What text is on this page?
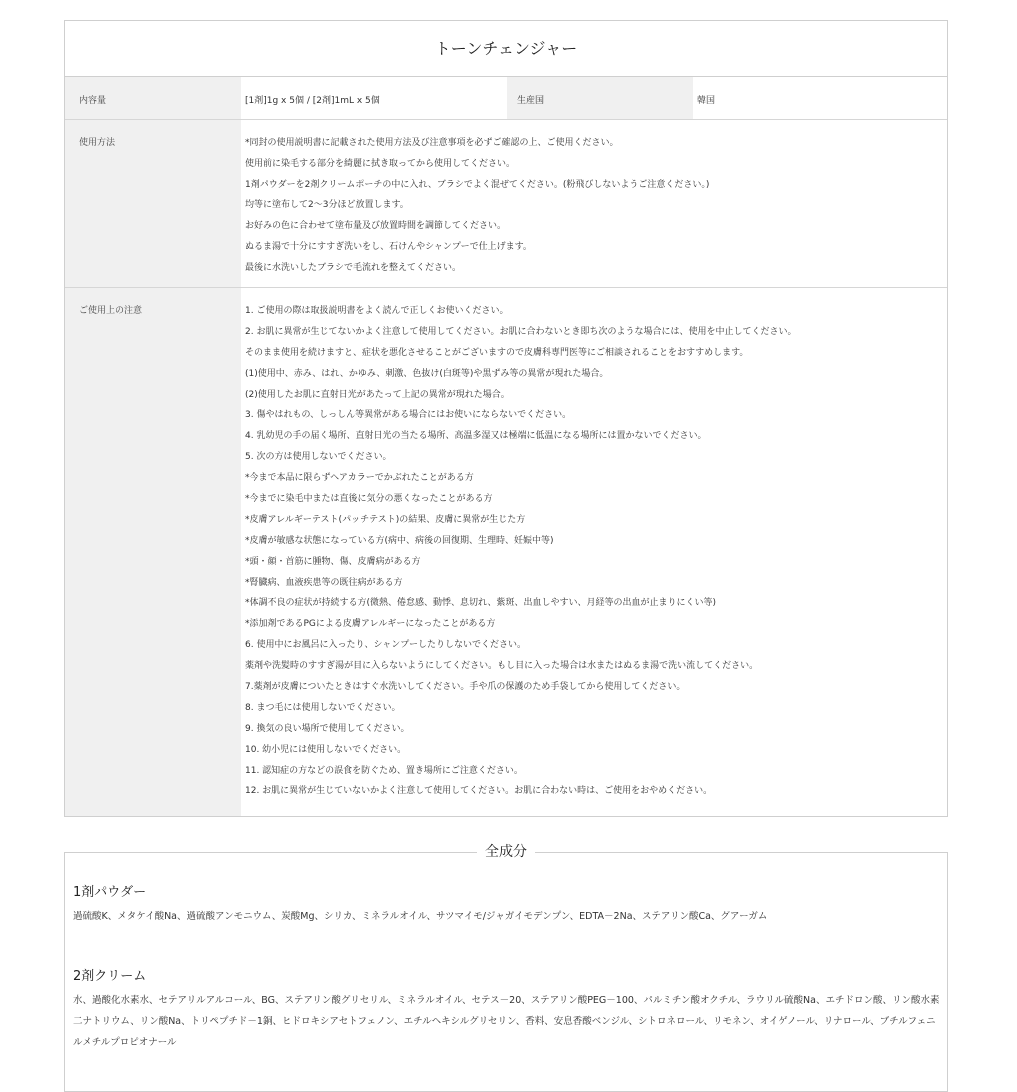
トーンチェンジャー
内容量	[1剤]1g x 5個 / [2剤]1mL x 5個	生産国	韓国
使用方法	*同封の使用説明書に記載された使用方法及び注意事項を必ずご確認の上、ご使用ください。
使用前に染毛する部分を綺麗に拭き取ってから使用してください。
1剤パウダーを2剤クリームポーチの中に入れ、ブラシでよく混ぜてください。(粉飛びしないようご注意ください。)
均等に塗布して2～3分ほど放置します。
お好みの色に合わせて塗布量及び放置時間を調節してください。
ぬるま湯で十分にすすぎ洗いをし、石けんやシャンプーで仕上げます。
最後に水洗いしたブラシで毛流れを整えてください。
ご使用上の注意	1. ご使用の際は取扱説明書をよく読んで正しくお使いください。
2. お肌に異常が生じてないかよく注意して使用してください。お肌に合わないとき即ち次のような場合には、使用を中止してください。
そのまま使用を続けますと、症状を悪化させることがございますので皮膚科専門医等にご相談されることをおすすめします。
(1)使用中、赤み、はれ、かゆみ、刺激、色抜け(白斑等)や黒ずみ等の異常が現れた場合。
(2)使用したお肌に直射日光があたって上記の異常が現れた場合。
3. 傷やはれもの、しっしん等異常がある場合にはお使いにならないでください。
4. 乳幼児の手の届く場所、直射日光の当たる場所、高温多湿又は極端に低温になる場所には置かないでください。
5. 次の方は使用しないでください。
*今まで本品に限らずヘアカラーでかぶれたことがある方
*今までに染毛中または直後に気分の悪くなったことがある方
*皮膚アレルギーテスト(パッチテスト)の結果、皮膚に異常が生じた方
*皮膚が敏感な状態になっている方(病中、病後の回復期、生理時、妊娠中等)
*頭・顔・首筋に腫物、傷、皮膚病がある方
*腎臓病、血液疾患等の既往病がある方
*体調不良の症状が持続する方(微熱、倦怠感、動悸、息切れ、紫斑、出血しやすい、月経等の出血が止まりにくい等)
*添加剤であるPGによる皮膚アレルギーになったことがある方
6. 使用中にお風呂に入ったり、シャンプーしたりしないでください。
薬剤や洗髪時のすすぎ湯が目に入らないようにしてください。もし目に入った場合は水またはぬるま湯で洗い流してください。
7.薬剤が皮膚についたときはすぐ水洗いしてください。手や爪の保護のため手袋してから使用してください。
8. まつ毛には使用しないでください。
9. 換気の良い場所で使用してください。
10. 幼小児には使用しないでください。
11. 認知症の方などの誤食を防ぐため、置き場所にご注意ください。
12. お肌に異常が生じていないかよく注意して使用してください。お肌に合わない時は、ご使用をおやめください。
1剤パウダー
過硫酸K、メタケイ酸Na、過硫酸アンモニウム、炭酸Mg、シリカ、ミネラルオイル、サツマイモ/ジャガイモデンプン、EDTA－2Na、ステアリン酸Ca、グアーガム
2剤クリーム
水、過酸化水素水、セテアリルアルコール、BG、ステアリン酸グリセリル、ミネラルオイル、セテス－20、ステアリン酸PEG－100、パルミチン酸オクチル、ラウリル硫酸Na、エチドロン酸、リン酸水素二ナトリウム、リン酸Na、トリペプチド－1銅、ヒドロキシアセトフェノン、エチルヘキシルグリセリン、香料、安息香酸ベンジル、シトロネロール、リモネン、オイゲノール、リナロール、ブチルフェニルメチルプロピオナール
全成分
